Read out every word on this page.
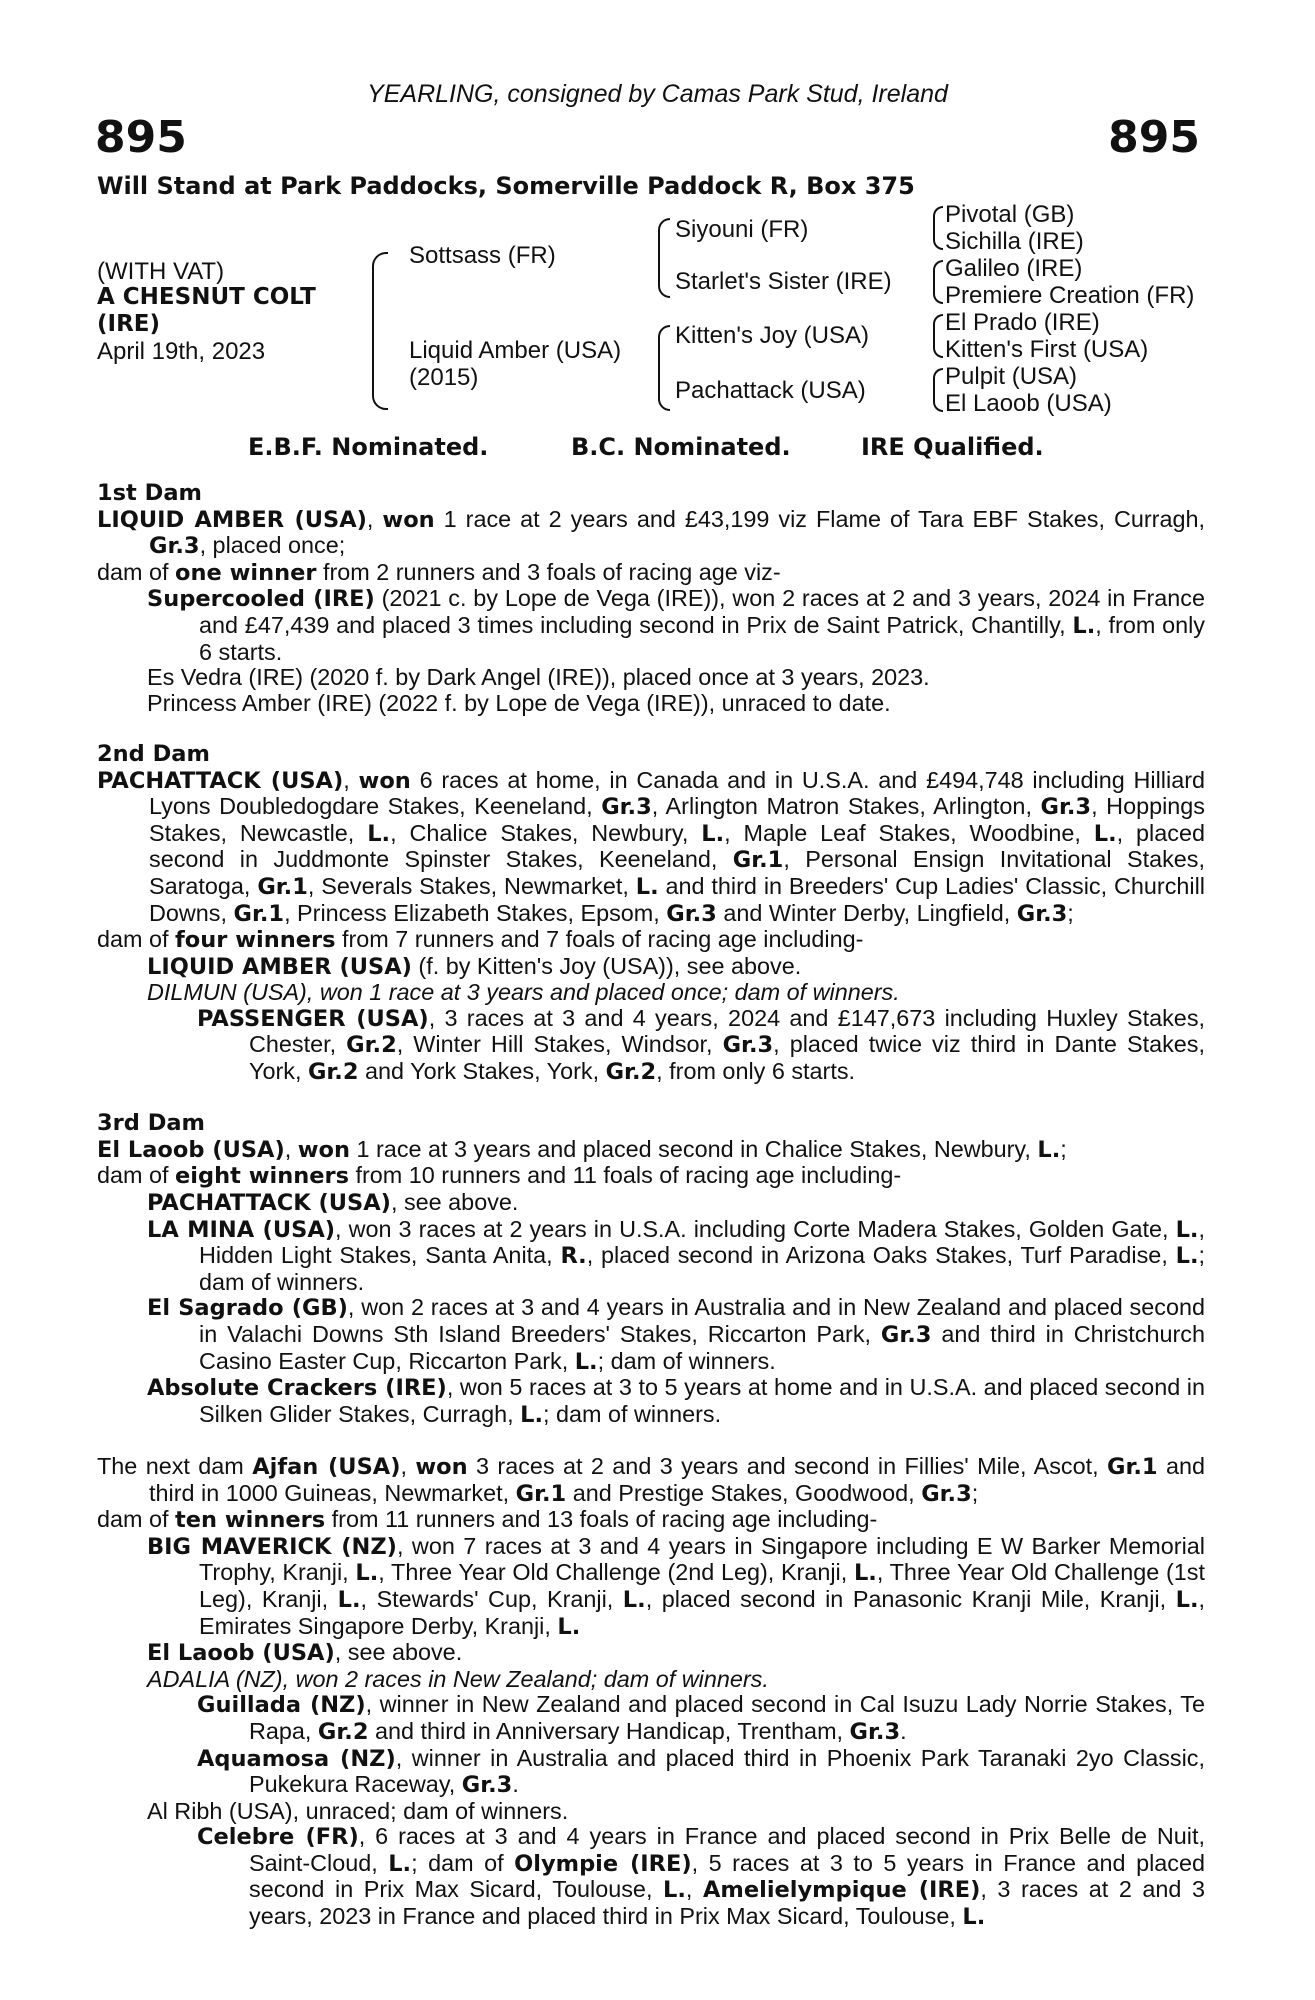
YEARLING, consigned by Camas Park Stud, Ireland
895	895
Will Stand at Park Paddocks, Somerville Paddock R, Box 375
(WITH VAT)
A CHESNUT COLT
(IRE)
April 19th, 2023
Sottsass (FR)
Liquid Amber (USA)
(2015)
Siyouni (FR)
Starlet's Sister (IRE)
Kitten's Joy (USA)
Pachattack (USA)
Pivotal (GB)
Sichilla (IRE)
Galileo (IRE)
Premiere Creation (FR)
El Prado (IRE)
Kitten's First (USA)
Pulpit (USA)
El Laoob (USA)
E.B.F. Nominated.	B.C. Nominated.	IRE Qualified.

1st Dam

LIQUID AMBER (USA), won 1 race at 2 years and £43,199 viz Flame of Tara EBF Stakes, Curragh, Gr.3, placed once;

dam of one winner from 2 runners and 3 foals of racing age viz-

Supercooled (IRE) (2021 c. by Lope de Vega (IRE)), won 2 races at 2 and 3 years, 2024 in France and £47,439 and placed 3 times including second in Prix de Saint Patrick, Chantilly, L., from only 6 starts.

Es Vedra (IRE) (2020 f. by Dark Angel (IRE)), placed once at 3 years, 2023.

Princess Amber (IRE) (2022 f. by Lope de Vega (IRE)), unraced to date.

2nd Dam

PACHATTACK (USA), won 6 races at home, in Canada and in U.S.A. and £494,748 including Hilliard Lyons Doubledogdare Stakes, Keeneland, Gr.3, Arlington Matron Stakes, Arlington, Gr.3, Hoppings Stakes, Newcastle, L., Chalice Stakes, Newbury, L., Maple Leaf Stakes, Woodbine, L., placed second in Juddmonte Spinster Stakes, Keeneland, Gr.1, Personal Ensign Invitational Stakes, Saratoga, Gr.1, Severals Stakes, Newmarket, L. and third in Breeders' Cup Ladies' Classic, Churchill Downs, Gr.1, Princess Elizabeth Stakes, Epsom, Gr.3 and Winter Derby, Lingfield, Gr.3;

dam of four winners from 7 runners and 7 foals of racing age including-

LIQUID AMBER (USA) (f. by Kitten's Joy (USA)), see above.

DILMUN (USA), won 1 race at 3 years and placed once; dam of winners.

PASSENGER (USA), 3 races at 3 and 4 years, 2024 and £147,673 including Huxley Stakes, Chester, Gr.2, Winter Hill Stakes, Windsor, Gr.3, placed twice viz third in Dante Stakes, York, Gr.2 and York Stakes, York, Gr.2, from only 6 starts.

3rd Dam

El Laoob (USA), won 1 race at 3 years and placed second in Chalice Stakes, Newbury, L.;

dam of eight winners from 10 runners and 11 foals of racing age including-

PACHATTACK (USA), see above.

LA MINA (USA), won 3 races at 2 years in U.S.A. including Corte Madera Stakes, Golden Gate, L., Hidden Light Stakes, Santa Anita, R., placed second in Arizona Oaks Stakes, Turf Paradise, L.; dam of winners.

El Sagrado (GB), won 2 races at 3 and 4 years in Australia and in New Zealand and placed second in Valachi Downs Sth Island Breeders' Stakes, Riccarton Park, Gr.3 and third in Christchurch Casino Easter Cup, Riccarton Park, L.; dam of winners.

Absolute Crackers (IRE), won 5 races at 3 to 5 years at home and in U.S.A. and placed second in Silken Glider Stakes, Curragh, L.; dam of winners.

The next dam Ajfan (USA), won 3 races at 2 and 3 years and second in Fillies' Mile, Ascot, Gr.1 and third in 1000 Guineas, Newmarket, Gr.1 and Prestige Stakes, Goodwood, Gr.3;

dam of ten winners from 11 runners and 13 foals of racing age including-

BIG MAVERICK (NZ), won 7 races at 3 and 4 years in Singapore including E W Barker Memorial Trophy, Kranji, L., Three Year Old Challenge (2nd Leg), Kranji, L., Three Year Old Challenge (1st Leg), Kranji, L., Stewards' Cup, Kranji, L., placed second in Panasonic Kranji Mile, Kranji, L., Emirates Singapore Derby, Kranji, L.

El Laoob (USA), see above.

ADALIA (NZ), won 2 races in New Zealand; dam of winners.

Guillada (NZ), winner in New Zealand and placed second in Cal Isuzu Lady Norrie Stakes, Te Rapa, Gr.2 and third in Anniversary Handicap, Trentham, Gr.3.

Aquamosa (NZ), winner in Australia and placed third in Phoenix Park Taranaki 2yo Classic, Pukekura Raceway, Gr.3.

Al Ribh (USA), unraced; dam of winners.

Celebre (FR), 6 races at 3 and 4 years in France and placed second in Prix Belle de Nuit, Saint-Cloud, L.; dam of Olympie (IRE), 5 races at 3 to 5 years in France and placed second in Prix Max Sicard, Toulouse, L., Amelielympique (IRE), 3 races at 2 and 3 years, 2023 in France and placed third in Prix Max Sicard, Toulouse, L.
